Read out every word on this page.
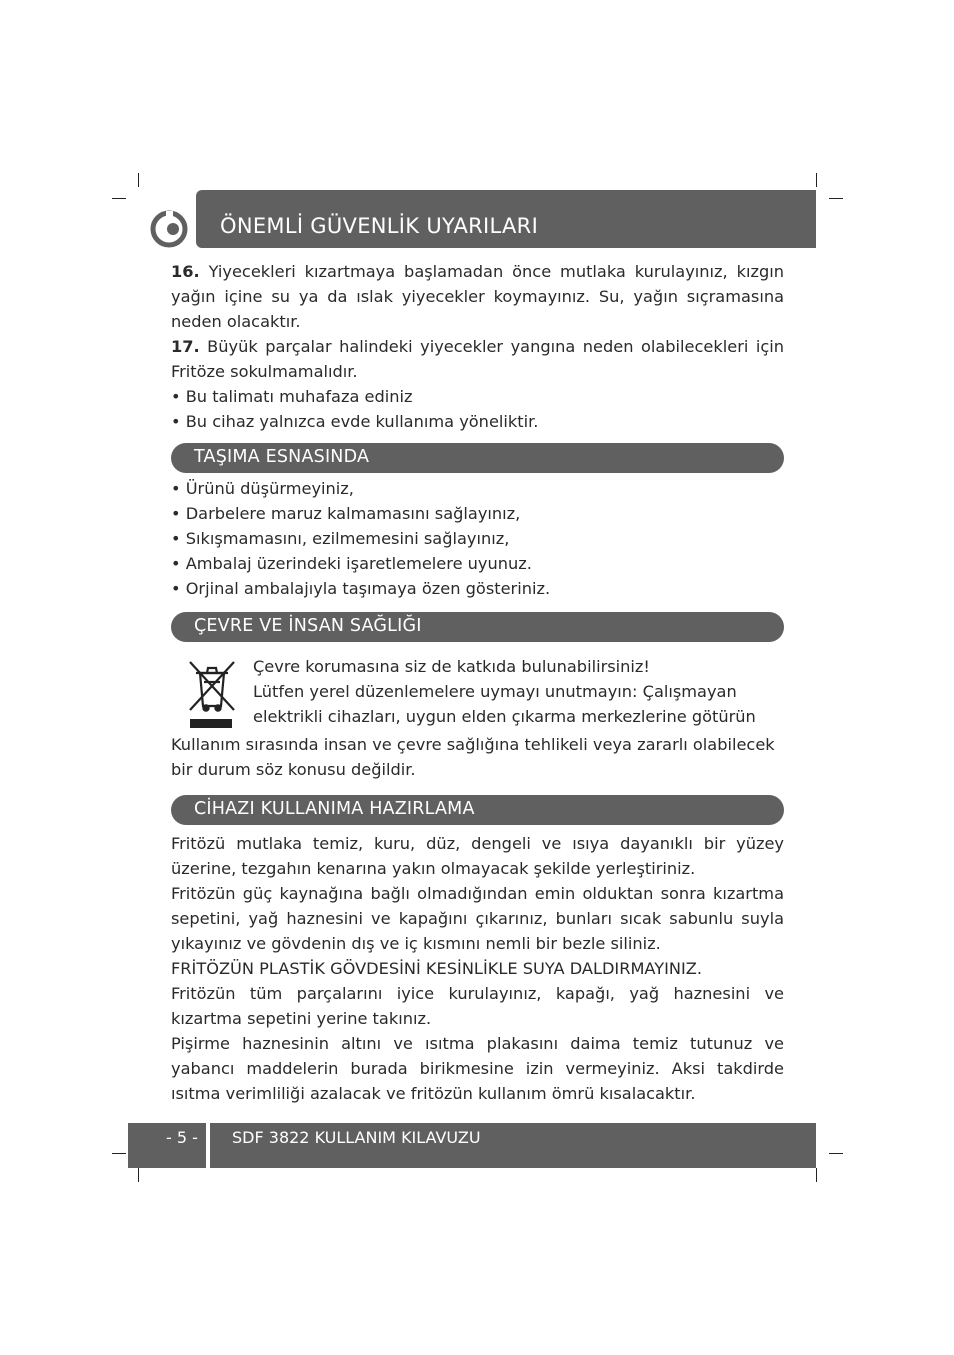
ÖNEMLİ GÜVENLİK UYARILARI

16. Yiyecekleri kızartmaya başlamadan önce mutlaka kurulayınız, kızgın yağın içine su ya da ıslak yiyecekler koymayınız. Su, yağın sıçramasına neden olacaktır.

17. Büyük parçalar halindeki yiyecekler yangına neden olabilecekleri için Fritöze sokulmamalıdır.

• Bu talimatı muhafaza ediniz

• Bu cihaz yalnızca evde kullanıma yöneliktir.

TAŞIMA ESNASINDA

• Ürünü düşürmeyiniz,

• Darbelere maruz kalmamasını sağlayınız,

• Sıkışmamasını, ezilmemesini sağlayınız,

• Ambalaj üzerindeki işaretlemelere uyunuz.

• Orjinal ambalajıyla taşımaya özen gösteriniz.

ÇEVRE VE İNSAN SAĞLIĞI

Çevre korumasına siz de katkıda bulunabilirsiniz!

Lütfen yerel düzenlemelere uymayı unutmayın: Çalışmayan

elektrikli cihazları, uygun elden çıkarma merkezlerine götürün

Kullanım sırasında insan ve çevre sağlığına tehlikeli veya zararlı olabilecek bir durum söz konusu değildir.

CİHAZI KULLANIMA HAZIRLAMA

Fritözü mutlaka temiz, kuru, düz, dengeli ve ısıya dayanıklı bir yüzey üzerine, tezgahın kenarına yakın olmayacak şekilde yerleştiriniz.

Fritözün güç kaynağına bağlı olmadığından emin olduktan sonra kızartma sepetini, yağ haznesini ve kapağını çıkarınız, bunları sıcak sabunlu suyla yıkayınız ve gövdenin dış ve iç kısmını nemli bir bezle siliniz.

FRİTÖZÜN PLASTİK GÖVDESİNİ KESİNLİKLE SUYA DALDIRMAYINIZ.

Fritözün tüm parçalarını iyice kurulayınız, kapağı, yağ haznesini ve kızartma sepetini yerine takınız.

Pişirme haznesinin altını ve ısıtma plakasını daima temiz tutunuz ve yabancı maddelerin burada birikmesine izin vermeyiniz. Aksi takdirde ısıtma verimliliği azalacak ve fritözün kullanım ömrü kısalacaktır.

- 5 - SDF 3822 KULLANIM KILAVUZU
